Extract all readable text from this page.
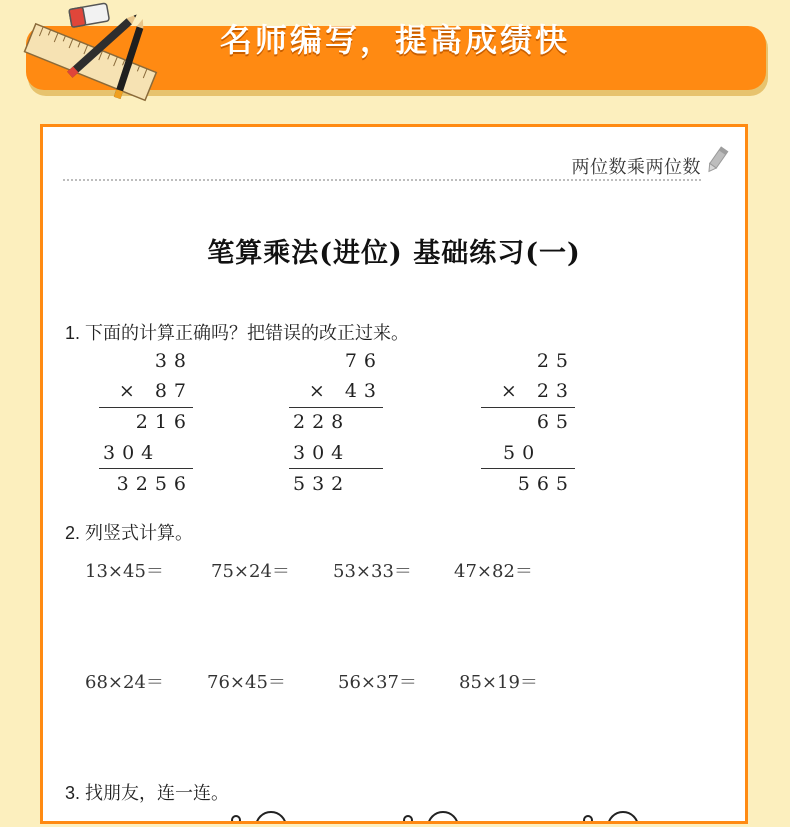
名师编写，提高成绩快
两位数乘两位数
笔算乘法(进位) 基础练习(一)
1. 下面的计算正确吗？把错误的改正过来。
38
× 87
216
304
3256
76
× 43
228
304
532
25
× 23
65
50
565
2. 列竖式计算。
13×45＝	75×24＝ 53×33＝ 47×82＝
68×24＝ 76×45＝	56×37＝ 85×19＝
3. 找朋友，连一连。
